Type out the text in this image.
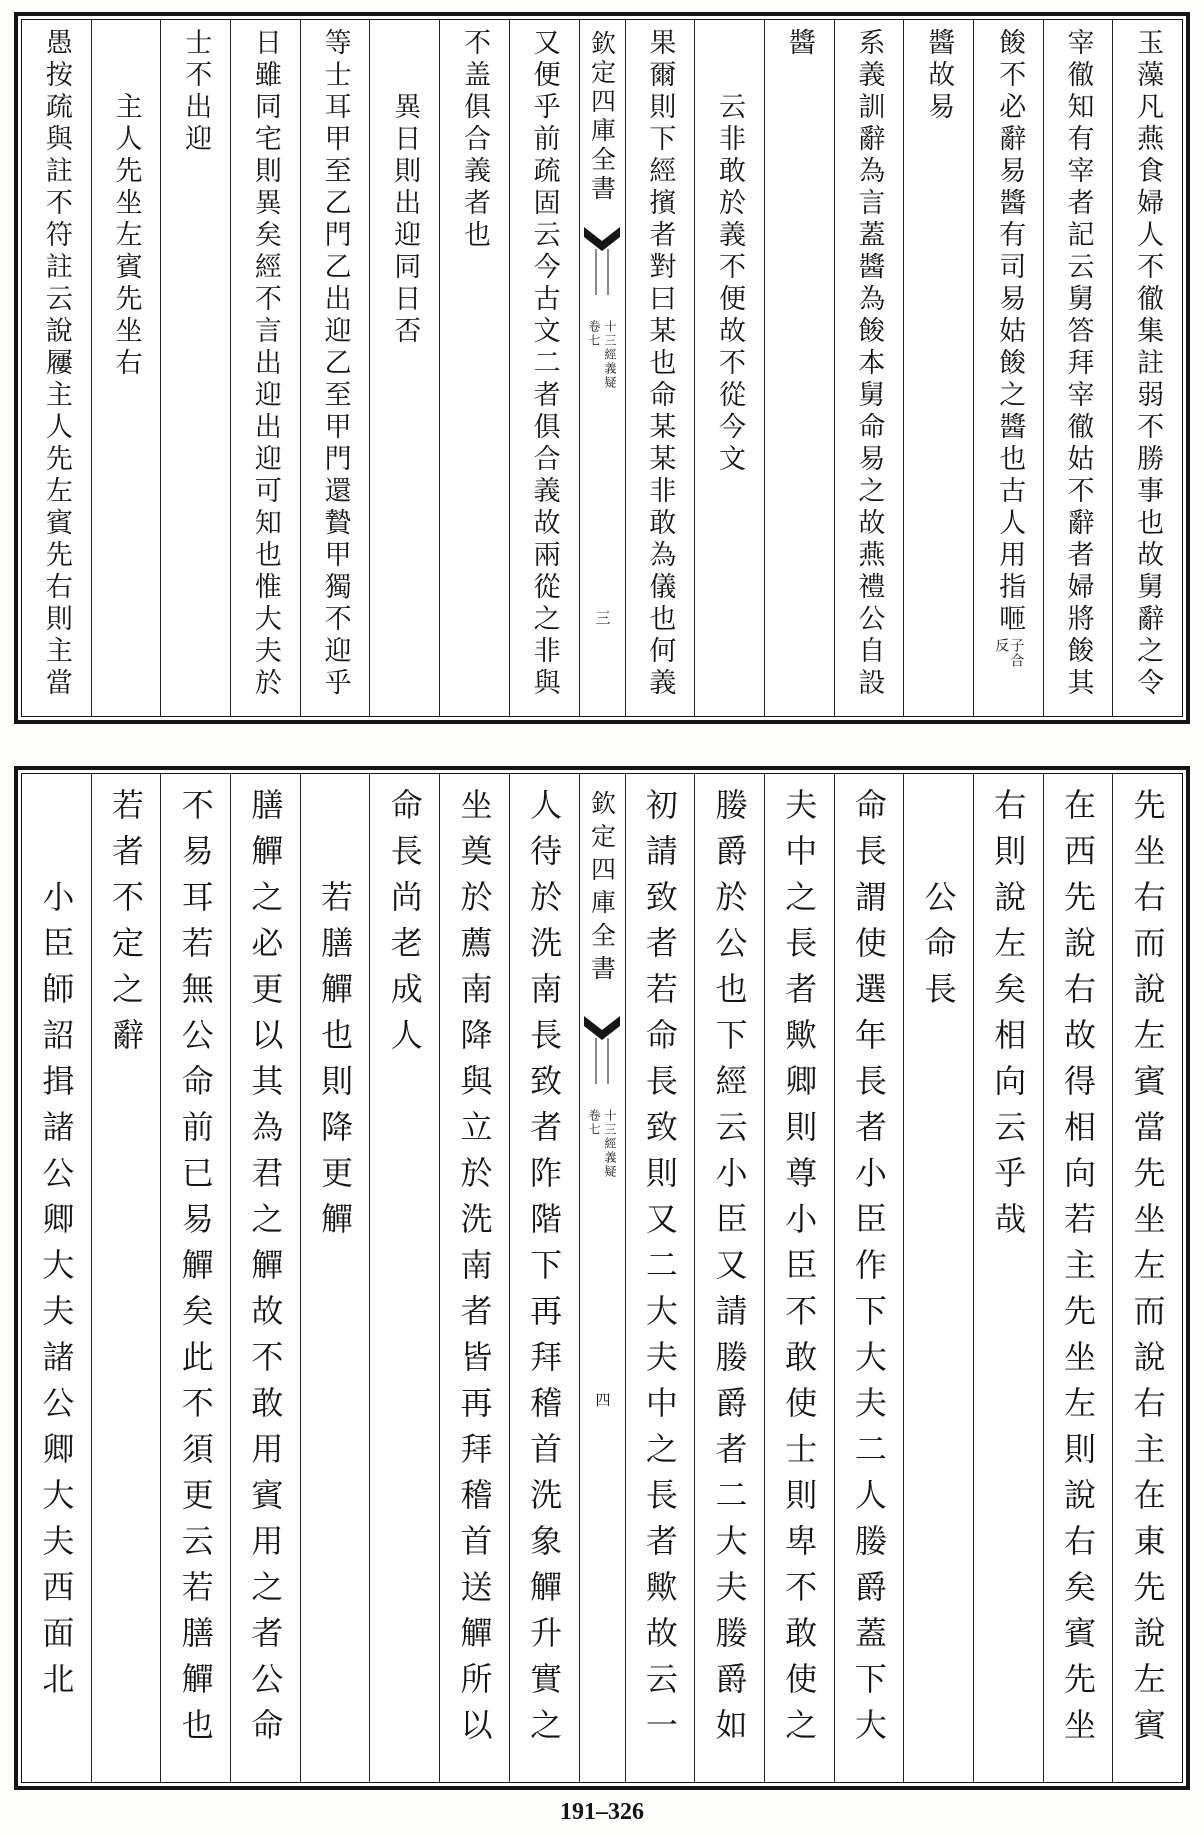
玉藻凡燕食婦人不徹集註弱不勝事也故舅辭之令
宰徹知有宰者記云舅答拜宰徹姑不辭者婦將餕其
餕不必辭易醬有司易姑餕之醬也古人用指咂
子合
反
醬故易
系義訓辭為言蓋醬為餕本舅命易之故燕禮公自設
醬
云非敢於義不便故不從今文
果爾則下經擯者對曰某也命某某非敢為儀也何義
欽定四庫全書
十三經義疑
卷七
三
又便乎前疏固云今古文二者俱合義故兩從之非與
不盖俱合義者也
異日則出迎同日否
等士耳甲至乙門乙出迎乙至甲門還贄甲獨不迎乎
日雖同宅則異矣經不言出迎出迎可知也惟大夫於
士不出迎
主人先坐左賓先坐右
愚按疏與註不符註云說屨主人先左賓先右則主當
先坐右而說左賓當先坐左而說右主在東先說左賓
在西先說右故得相向若主先坐左則說右矣賓先坐
右則說左矣相向云乎哉
公命長
命長謂使選年長者小臣作下大夫二人媵爵蓋下大
夫中之長者歟卿則尊小臣不敢使士則卑不敢使之
媵爵於公也下經云小臣又請媵爵者二大夫媵爵如
初請致者若命長致則又二大夫中之長者歟故云一
欽定四庫全書
十三經義疑
卷七
四
人待於洗南長致者阼階下再拜稽首洗象觶升實之
坐奠於薦南降與立於洗南者皆再拜稽首送觶所以
命長尚老成人
若膳觶也則降更觶
膳觶之必更以其為君之觶故不敢用賓用之者公命
不易耳若無公命前已易觶矣此不須更云若膳觶也
若者不定之辭
小臣師詔揖諸公卿大夫諸公卿大夫西面北
191–326
